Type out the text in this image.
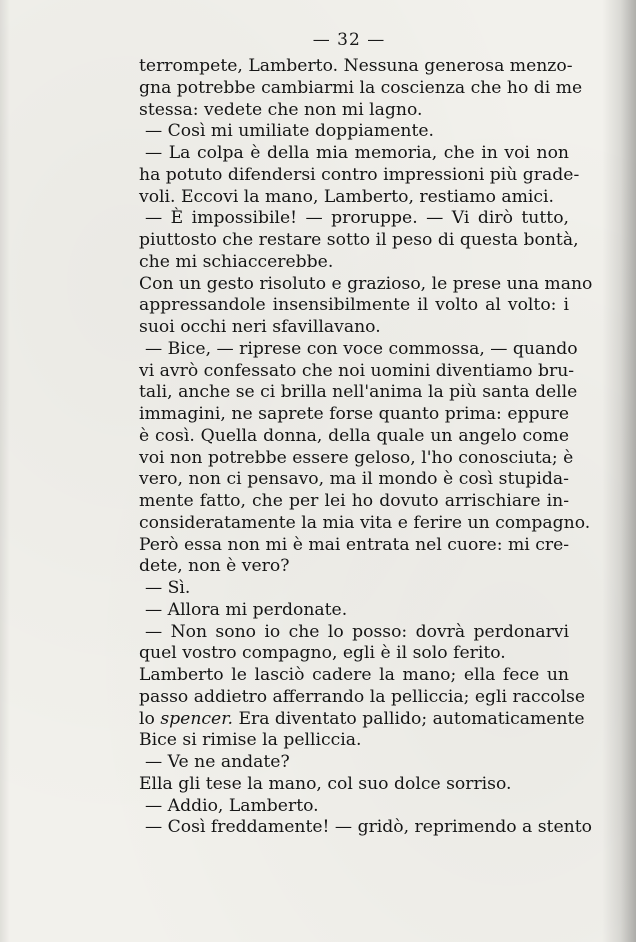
— 32 —
terrompete, Lamberto. Nessuna generosa menzo-
gna potrebbe cambiarmi la coscienza che ho di me
stessa: vedete che non mi lagno.
— Così mi umiliate doppiamente.
— La colpa è della mia memoria, che in voi non
ha potuto difendersi contro impressioni più grade-
voli. Eccovi la mano, Lamberto, restiamo amici.
— È impossibile! — proruppe. — Vi dirò tutto,
piuttosto che restare sotto il peso di questa bontà,
che mi schiaccerebbe.
Con un gesto risoluto e grazioso, le prese una mano
appressandole insensibilmente il volto al volto: i
suoi occhi neri sfavillavano.
— Bice, — riprese con voce commossa, — quando
vi avrò confessato che noi uomini diventiamo bru-
tali, anche se ci brilla nell'anima la più santa delle
immagini, ne saprete forse quanto prima: eppure
è così. Quella donna, della quale un angelo come
voi non potrebbe essere geloso, l'ho conosciuta; è
vero, non ci pensavo, ma il mondo è così stupida-
mente fatto, che per lei ho dovuto arrischiare in-
consideratamente la mia vita e ferire un compagno.
Però essa non mi è mai entrata nel cuore: mi cre-
dete, non è vero?
— Sì.
— Allora mi perdonate.
— Non sono io che lo posso: dovrà perdonarvi
quel vostro compagno, egli è il solo ferito.
Lamberto le lasciò cadere la mano; ella fece un
passo addietro afferrando la pelliccia; egli raccolse
lo spencer. Era diventato pallido; automaticamente
Bice si rimise la pelliccia.
— Ve ne andate?
Ella gli tese la mano, col suo dolce sorriso.
— Addio, Lamberto.
— Così freddamente! — gridò, reprimendo a stento
